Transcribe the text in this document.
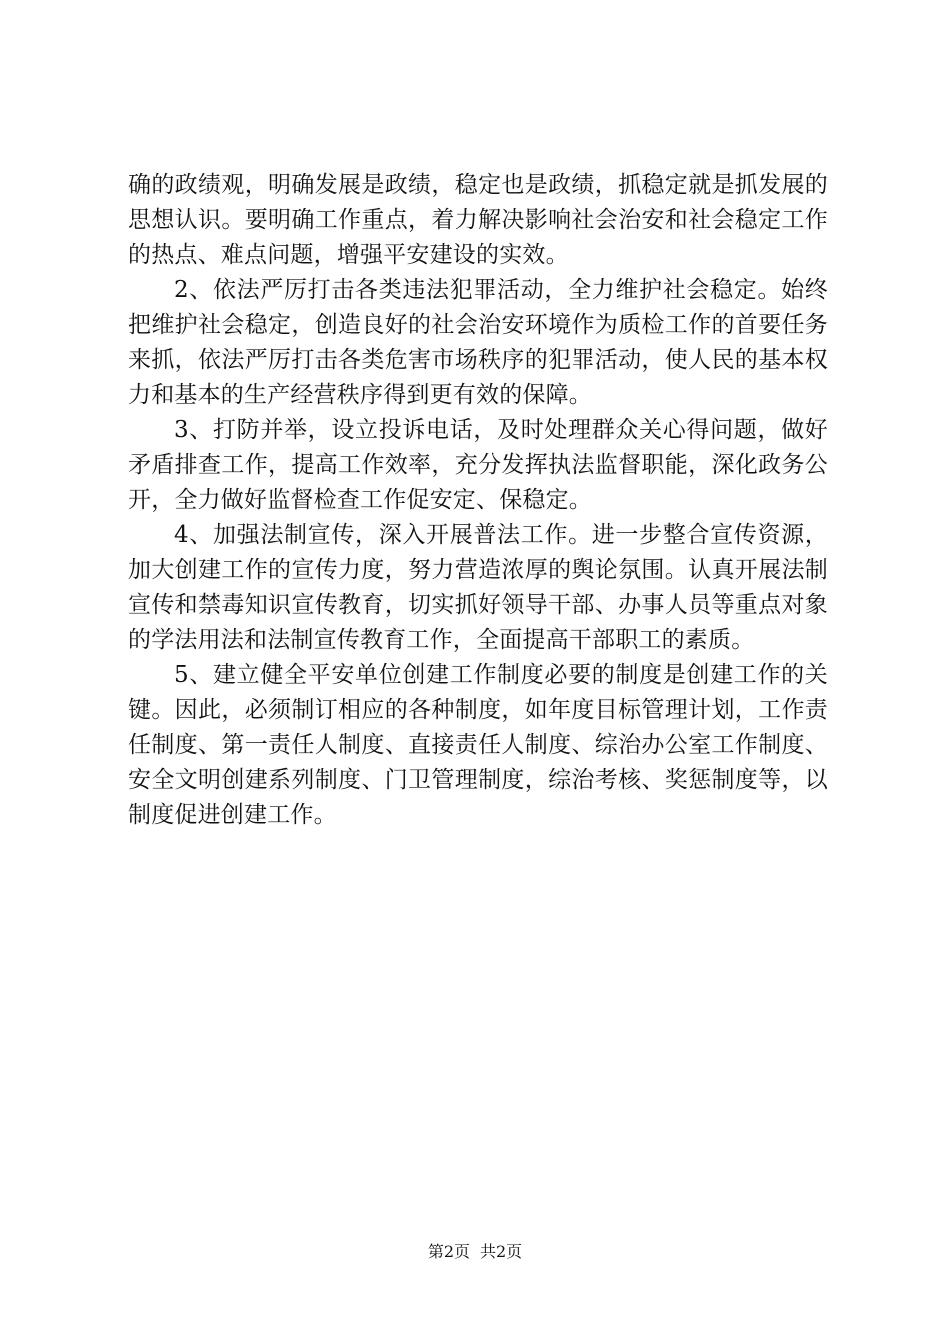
确的政绩观，明确发展是政绩，稳定也是政绩，抓稳定就是抓发展的思想认识。要明确工作重点，着力解决影响社会治安和社会稳定工作的热点、难点问题，增强平安建设的实效。

2、依法严厉打击各类违法犯罪活动，全力维护社会稳定。始终把维护社会稳定，创造良好的社会治安环境作为质检工作的首要任务来抓，依法严厉打击各类危害市场秩序的犯罪活动，使人民的基本权力和基本的生产经营秩序得到更有效的保障。

3、打防并举，设立投诉电话，及时处理群众关心得问题，做好矛盾排查工作，提高工作效率，充分发挥执法监督职能，深化政务公开，全力做好监督检查工作促安定、保稳定。

4、加强法制宣传，深入开展普法工作。进一步整合宣传资源，加大创建工作的宣传力度，努力营造浓厚的舆论氛围。认真开展法制宣传和禁毒知识宣传教育，切实抓好领导干部、办事人员等重点对象的学法用法和法制宣传教育工作，全面提高干部职工的素质。

5、建立健全平安单位创建工作制度必要的制度是创建工作的关键。因此，必须制订相应的各种制度，如年度目标管理计划，工作责任制度、第一责任人制度、直接责任人制度、综治办公室工作制度、安全文明创建系列制度、门卫管理制度，综治考核、奖惩制度等，以制度促进创建工作。

第2页 共2页
